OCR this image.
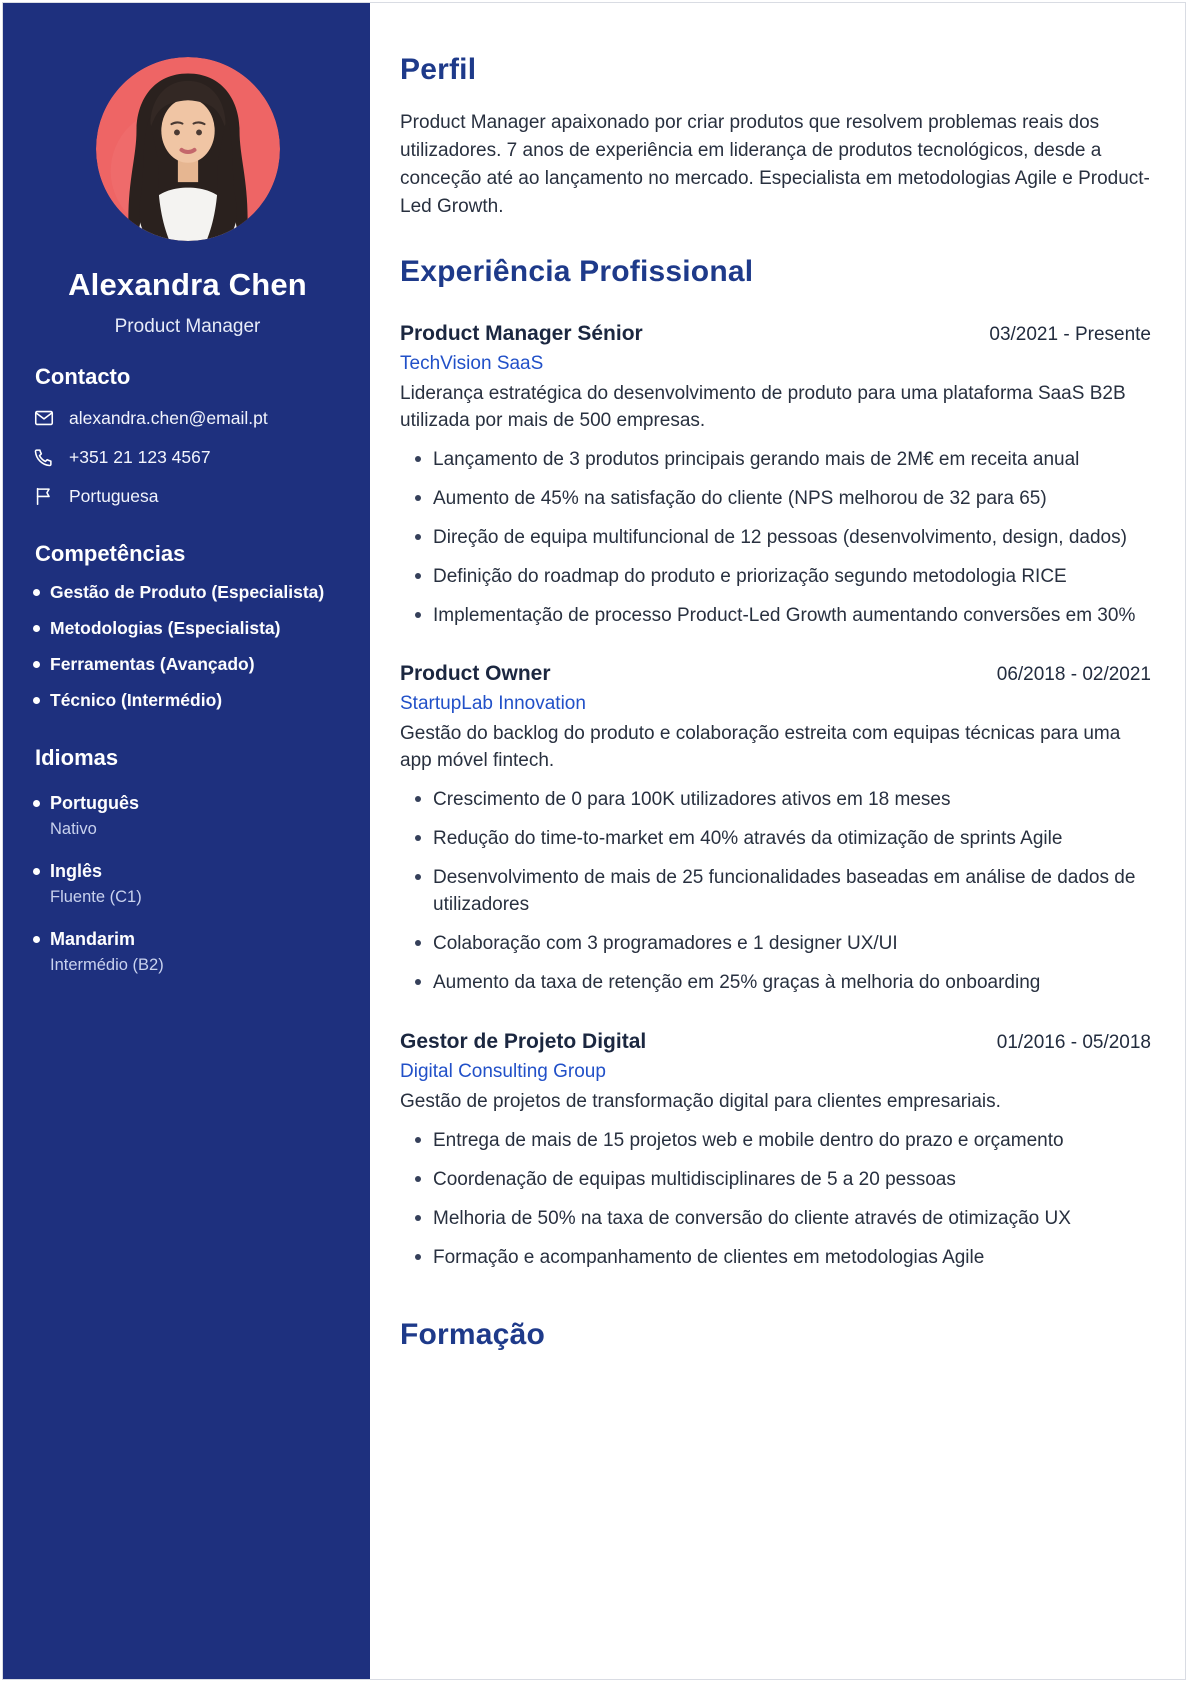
Alexandra Chen
Product Manager
Contacto
alexandra.chen@email.pt
+351 21 123 4567
Portuguesa
Competências
Gestão de Produto (Especialista)
Metodologias (Especialista)
Ferramentas (Avançado)
Técnico (Intermédio)
Idiomas
Português
Nativo
Inglês
Fluente (C1)
Mandarim
Intermédio (B2)
Perfil

Product Manager apaixonado por criar produtos que resolvem problemas reais dos utilizadores. 7 anos de experiência em liderança de produtos tecnológicos, desde a conceção até ao lançamento no mercado. Especialista em metodologias Agile e Product-Led Growth.

Experiência Profissional
Product Manager Sénior	03/2021 - Presente
TechVision SaaS

Liderança estratégica do desenvolvimento de produto para uma plataforma SaaS B2B utilizada por mais de 500 empresas.

Lançamento de 3 produtos principais gerando mais de 2M€ em receita anual
Aumento de 45% na satisfação do cliente (NPS melhorou de 32 para 65)
Direção de equipa multifuncional de 12 pessoas (desenvolvimento, design, dados)
Definição do roadmap do produto e priorização segundo metodologia RICE
Implementação de processo Product-Led Growth aumentando conversões em 30%
Product Owner	06/2018 - 02/2021
StartupLab Innovation

Gestão do backlog do produto e colaboração estreita com equipas técnicas para uma app móvel fintech.

Crescimento de 0 para 100K utilizadores ativos em 18 meses
Redução do time-to-market em 40% através da otimização de sprints Agile
Desenvolvimento de mais de 25 funcionalidades baseadas em análise de dados de utilizadores
Colaboração com 3 programadores e 1 designer UX/UI
Aumento da taxa de retenção em 25% graças à melhoria do onboarding
Gestor de Projeto Digital	01/2016 - 05/2018
Digital Consulting Group

Gestão de projetos de transformação digital para clientes empresariais.

Entrega de mais de 15 projetos web e mobile dentro do prazo e orçamento
Coordenação de equipas multidisciplinares de 5 a 20 pessoas
Melhoria de 50% na taxa de conversão do cliente através de otimização UX
Formação e acompanhamento de clientes em metodologias Agile
Formação
